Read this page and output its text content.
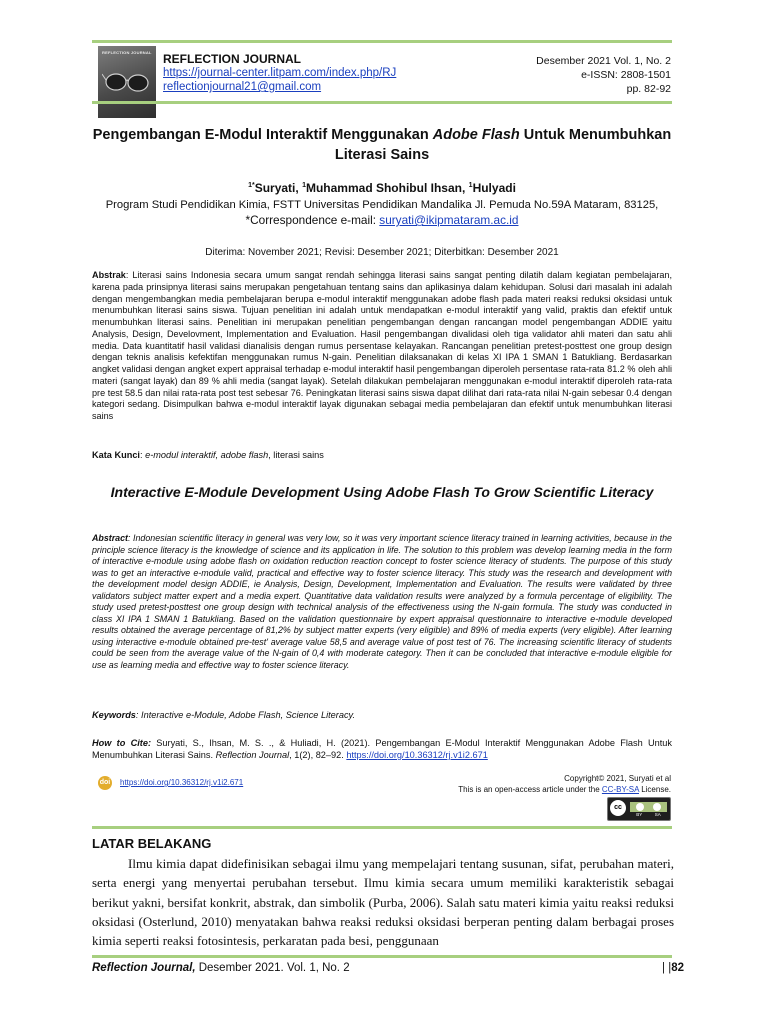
REFLECTION JOURNAL REFLECTION JOURNAL
https://journal-center.litpam.com/index.php/RJ
reflectionjournal21@gmail.com
Desember 2021 Vol. 1, No. 2
e-ISSN: 2808-1501
pp. 82-92
Pengembangan E-Modul Interaktif Menggunakan Adobe Flash Untuk Menumbuhkan Literasi Sains
$^{1*}$Suryati, $^1$Muhammad Shohibul Ihsan, $^1$Hulyadi
Program Studi Pendidikan Kimia, FSTT Universitas Pendidikan Mandalika Jl. Pemuda No.59A Mataram, 83125,
*Correspondence e-mail: suryati@ikipmataram.ac.id
Diterima: November 2021; Revisi: Desember 2021; Diterbitkan: Desember 2021
Abstrak: Literasi sains Indonesia secara umum sangat rendah sehingga literasi sains sangat penting dilatih dalam kegiatan pembelajaran, karena pada prinsipnya literasi sains merupakan pengetahuan tentang sains dan aplikasinya dalam kehidupan. Solusi dari masalah ini adalah dengan mengembangkan media pembelajaran berupa e-modul interaktif menggunakan adobe flash pada materi reaksi reduksi oksidasi untuk menumbuhkan literasi sains siswa. Tujuan penelitian ini adalah untuk mendapatkan e-modul interaktif yang valid, praktis dan efektif untuk menumbuhkan literasi sains. Penelitian ini merupakan penelitian pengembangan dengan rancangan model pengembangan ADDIE yaitu Analysis, Design, Develovment, Implementation and Evaluation. Hasil pengembangan divalidasi oleh tiga validator ahli materi dan satu ahli media. Data kuantitatif hasil validasi dianalisis dengan rumus persentase kelayakan. Rancangan penelitian pretest-posttest one group design dengan teknis analisis kefektifan menggunakan rumus N-gain. Penelitian dilaksanakan di kelas XI IPA 1 SMAN 1 Batukliang. Berdasarkan angket validasi dengan angket expert appraisal terhadap e-modul interaktif hasil pengembangan diperoleh persentase rata-rata 81.2 % oleh ahli materi (sangat layak) dan 89 % ahli media (sangat layak). Setelah dilakukan pembelajaran menggunakan e-modul interaktif diperoleh rata-rata pre test 58.5 dan nilai rata-rata post test sebesar 76. Peningkatan literasi sains siswa dapat dilihat dari rata-rata nilai N-gain sebesar 0.4 dengan kategori sedang. Disimpulkan bahwa e-modul interaktif layak digunakan sebagai media pembelajaran dan efektif untuk menumbuhkan literasi sains
Kata Kunci: e-modul interaktif, adobe flash, literasi sains
Interactive E-Module Development Using Adobe Flash To Grow Scientific Literacy
Abstract: Indonesian scientific literacy in general was very low, so it was very important science literacy trained in learning activities, because in the principle science literacy is the knowledge of science and its application in life. The solution to this problem was develop learning media in the form of interactive e-module using adobe flash on oxidation reduction reaction concept to foster science literacy of students. The purpose of this study was to get an interactive e-module valid, practical and effective way to foster science literacy. This study was the research and development with the development model design ADDIE, ie Analysis, Design, Development, Implementation and Evaluation. The results were validated by three validators subject matter expert and a media expert. Quantitative data validation results were analyzed by a formula percentage of eligibility. The study used pretest-posttest one group design with technical analysis of the effectiveness using the N-gain formula. The study was conducted in class XI IPA 1 SMAN 1 Batukliang. Based on the validation questionnaire by expert appraisal questionnaire to interactive e-module developed results obtained the average percentage of 81,2% by subject matter experts (very eligible) and 89% of media experts (very eligible). After learning using interactive e-module obtained pre-test' average value 58,5 and average value of post test of 76. The increasing scientific literacy of students could be seen from the average value of the N-gain of 0,4 with moderate category. Then it can be concluded that interactive e-module eligible for use as learning media and effective way to foster science literacy.
Keywords: Interactive e-Module, Adobe Flash, Science Literacy.
How to Cite: Suryati, S., Ihsan, M. S. ., & Huliadi, H. (2021). Pengembangan E-Modul Interaktif Menggunakan Adobe Flash Untuk Menumbuhkan Literasi Sains. Reflection Journal, 1(2), 82–92. https://doi.org/10.36312/rj.v1i2.671
doi https://doi.org/10.36312/rj.v1i2.671	Copyright© 2021, Suryati et al
This is an open-access article under the CC-BY-SA License.
cc
BY	SA
LATAR BELAKANG
Ilmu kimia dapat didefinisikan sebagai ilmu yang mempelajari tentang susunan, sifat, perubahan materi, serta energi yang menyertai perubahan tersebut. Ilmu kimia secara umum memiliki karakteristik sebagai berikut yakni, bersifat konkrit, abstrak, dan simbolik (Purba, 2006). Salah satu materi kimia yaitu reaksi reduksi oksidasi (Osterlund, 2010) menyatakan bahwa reaksi reduksi oksidasi berperan penting dalam berbagai proses kimia seperti reaksi fotosintesis, perkaratan pada besi, penggunaan
Reflection Journal, Desember 2021. Vol. 1, No. 2	| |82
